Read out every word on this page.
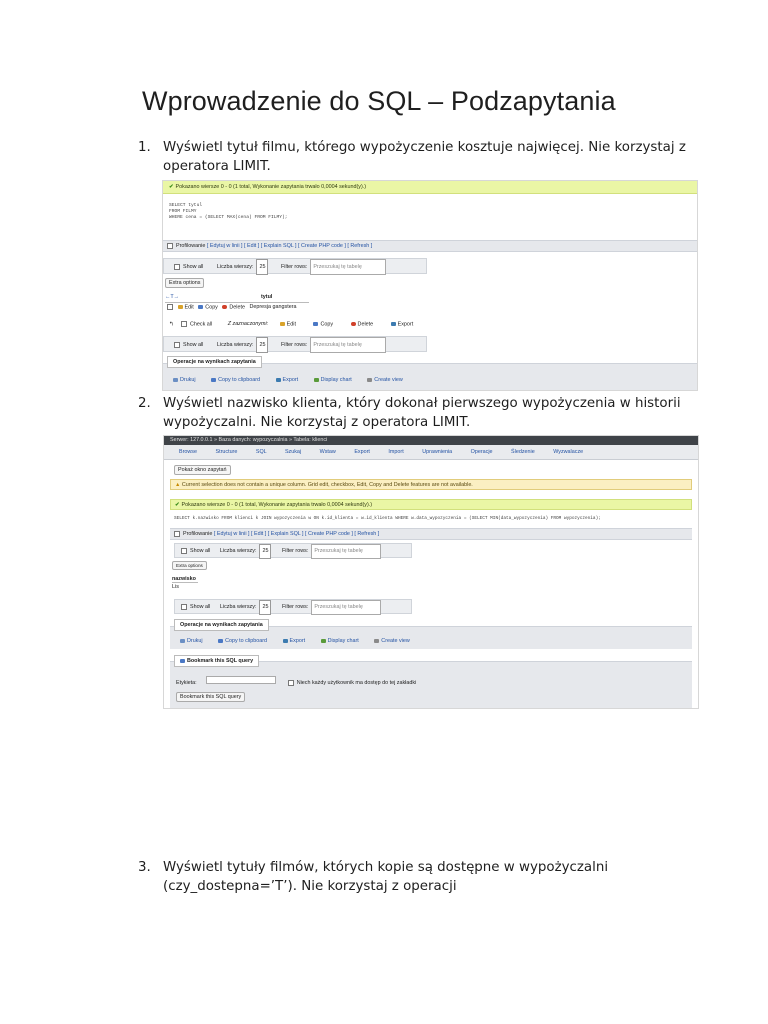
Wprowadzenie do SQL – Podzapytania
1. Wyświetl tytuł filmu, którego wypożyczenie kosztuje najwięcej. Nie korzystaj z
operatora LIMIT.
✔ Pokazano wiersze 0 - 0 (1 total, Wykonanie zapytania trwało 0,0004 sekund(y).)
SELECT tytul
FROM FILMY
WHERE cena = (SELECT MAX(cena) FROM FILMY);
Profilowanie [ Edytuj w linii ] [ Edit ] [ Explain SQL ] [ Create PHP code ] [ Refresh ]
Show all	Liczba wierszy: 25	Filter rows: Przeszukaj tę tabelę
Extra options
←T→	tytul
Edit Copy Delete Depresja gangstera
↰	Check all	Z zaznaczonymi:	Edit	Copy	Delete	Export
Show all	Liczba wierszy: 25	Filter rows: Przeszukaj tę tabelę
Operacje na wynikach zapytania
Drukuj	Copy to clipboard	Export	Display chart	Create view
2. Wyświetl nazwisko klienta, który dokonał pierwszego wypożyczenia w historii
wypożyczalni. Nie korzystaj z operatora LIMIT.
Serwer: 127.0.0.1 » Baza danych: wypozyczalnia » Tabela: klienci
Browse	Structure	SQL	Szukaj	Wstaw	Export	Import	Uprawnienia	Operacje	Śledzenie	Wyzwalacze
Pokaż okno zapytań
▲ Current selection does not contain a unique column. Grid edit, checkbox, Edit, Copy and Delete features are not available.
✔ Pokazano wiersze 0 - 0 (1 total, Wykonanie zapytania trwało 0,0004 sekund(y).)
SELECT k.nazwisko FROM klienci k JOIN wypozyczenia w ON k.id_klienta = w.id_klienta WHERE w.data_wypozyczenia = (SELECT MIN(data_wypozyczenia) FROM wypozyczenia);
Profilowanie [ Edytuj w linii ] [ Edit ] [ Explain SQL ] [ Create PHP code ] [ Refresh ]
Show all Liczba wierszy: 25	Filter rows: Przeszukaj tę tabelę
Extra options
nazwisko
Lis
Show all Liczba wierszy: 25	Filter rows: Przeszukaj tę tabelę
Operacje na wynikach zapytania
Drukuj	Copy to clipboard	Export	Display chart	Create view
Bookmark this SQL query
Etykieta:	Niech każdy użytkownik ma dostęp do tej zakładki
Bookmark this SQL query
3. Wyświetl tytuły filmów, których kopie są dostępne w wypożyczalni
(czy_dostepna=’T’). Nie korzystaj z operacji
